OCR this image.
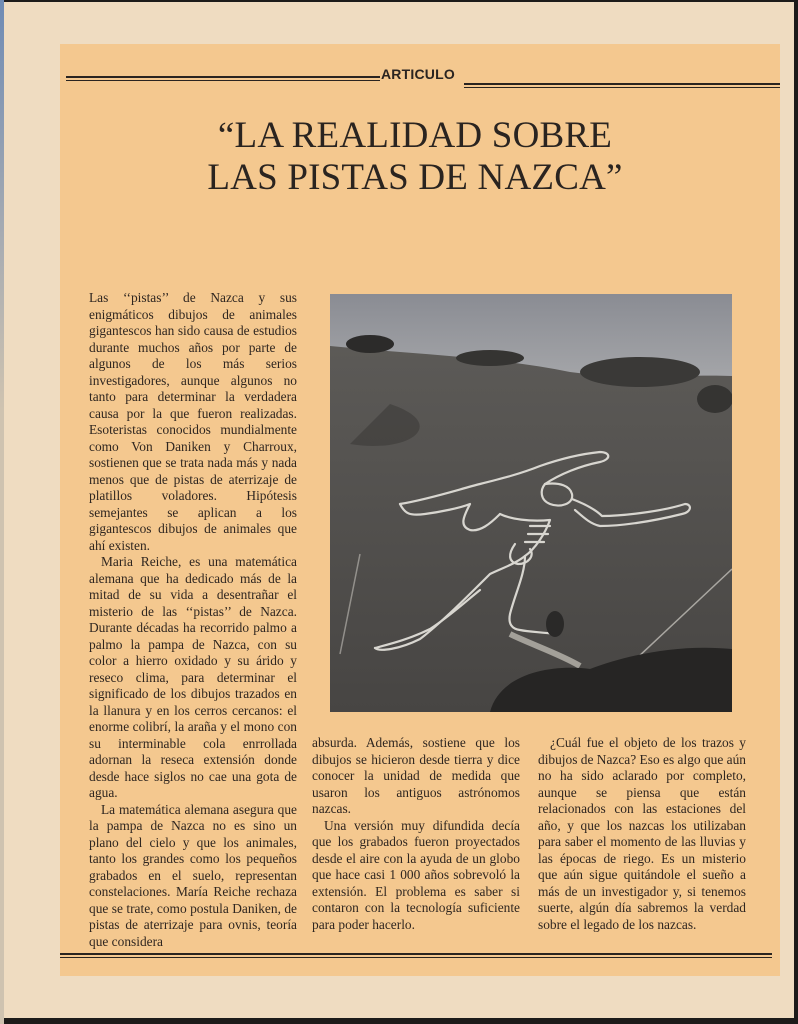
ARTICULO
“LA REALIDAD SOBRE
LAS PISTAS DE NAZCA”

Las ‘‘pistas’’ de Nazca y sus enigmáticos dibujos de animales gigantescos han sido causa de estudios durante muchos años por parte de algunos de los más serios investigadores, aunque algunos no tanto para determinar la verdadera causa por la que fueron realizadas. Esoteristas conocidos mundialmente como Von Daniken y Charroux, sostienen que se trata nada más y nada menos que de pistas de aterrizaje de platillos voladores. Hipótesis semejantes se aplican a los gigantescos dibujos de animales que ahí existen.

Maria Reiche, es una matemática alemana que ha dedicado más de la mitad de su vida a desentrañar el misterio de las ‘‘pistas’’ de Nazca. Durante décadas ha recorrido palmo a palmo la pampa de Nazca, con su color a hierro oxidado y su árido y reseco clima, para determinar el significado de los dibujos trazados en la llanura y en los cerros cercanos: el enorme colibrí, la araña y el mono con su interminable cola enrrollada adornan la reseca extensión donde desde hace siglos no cae una gota de agua.

La matemática alemana asegura que la pampa de Nazca no es sino un plano del cielo y que los animales, tanto los grandes como los pequeños grabados en el suelo, representan constelaciones. María Reiche rechaza que se trate, como postula Daniken, de pistas de aterrizaje para ovnis, teoría que considera

absurda. Además, sostiene que los dibujos se hicieron desde tierra y dice conocer la unidad de medida que usaron los antiguos astrónomos nazcas.

Una versión muy difundida decía que los grabados fueron proyectados desde el aire con la ayuda de un globo que hace casi 1 000 años sobrevoló la extensión. El problema es saber si contaron con la tecnología suficiente para poder hacerlo.

¿Cuál fue el objeto de los trazos y dibujos de Nazca? Eso es algo que aún no ha sido aclarado por completo, aunque se piensa que están relacionados con las estaciones del año, y que los nazcas los utilizaban para saber el momento de las lluvias y las épocas de riego. Es un misterio que aún sigue quitándole el sueño a más de un investigador y, si tenemos suerte, algún día sabremos la verdad sobre el legado de los nazcas.
